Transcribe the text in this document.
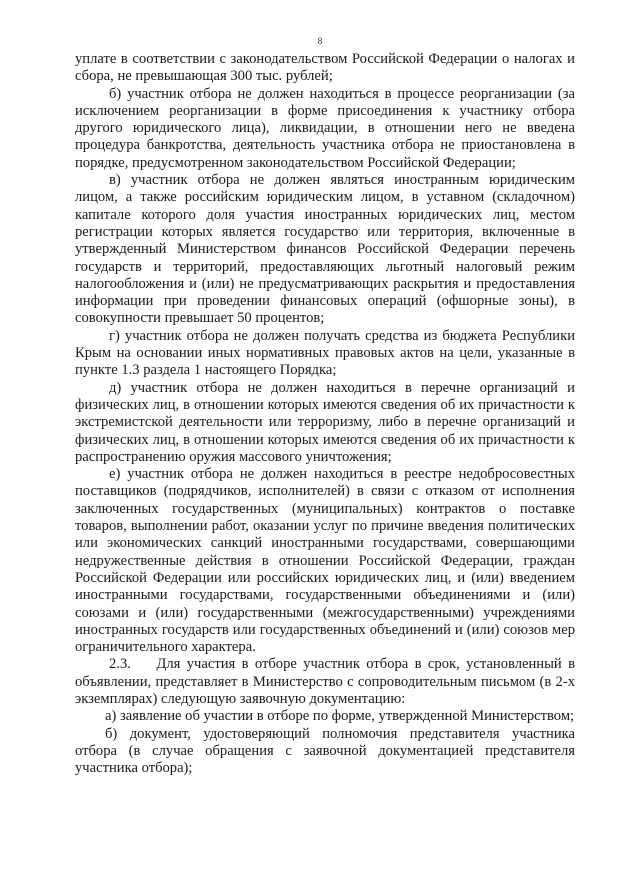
8

уплате в соответствии с законодательством Российской Федерации о налогах и сбора, не превышающая 300 тыс. рублей;

б) участник отбора не должен находиться в процессе реорганизации (за исключением реорганизации в форме присоединения к участнику отбора другого юридического лица), ликвидации, в отношении него не введена процедура банкротства, деятельность участника отбора не приостановлена в порядке, предусмотренном законодательством Российской Федерации;

в) участник отбора не должен являться иностранным юридическим лицом, а также российским юридическим лицом, в уставном (складочном) капитале которого доля участия иностранных юридических лиц, местом регистрации которых является государство или территория, включенные в утвержденный Министерством финансов Российской Федерации перечень государств и территорий, предоставляющих льготный налоговый режим налогообложения и (или) не предусматривающих раскрытия и предоставления информации при проведении финансовых операций (офшорные зоны), в совокупности превышает 50 процентов;

г) участник отбора не должен получать средства из бюджета Республики Крым на основании иных нормативных правовых актов на цели, указанные в пункте 1.3 раздела 1 настоящего Порядка;

д) участник отбора не должен находиться в перечне организаций и физических лиц, в отношении которых имеются сведения об их причастности к экстремистской деятельности или терроризму, либо в перечне организаций и физических лиц, в отношении которых имеются сведения об их причастности к распространению оружия массового уничтожения;

е) участник отбора не должен находиться в реестре недобросовестных поставщиков (подрядчиков, исполнителей) в связи с отказом от исполнения заключенных государственных (муниципальных) контрактов о поставке товаров, выполнении работ, оказании услуг по причине введения политических или экономических санкций иностранными государствами, совершающими недружественные действия в отношении Российской Федерации, граждан Российской Федерации или российских юридических лиц, и (или) введением иностранными государствами, государственными объединениями и (или) союзами и (или) государственными (межгосударственными) учреждениями иностранных государств или государственных объединений и (или) союзов мер ограничительного характера.

2.3.    Для участия в отборе участник отбора в срок, установленный в объявлении, представляет в Министерство с сопроводительным письмом (в 2-х экземплярах) следующую заявочную документацию:

а) заявление об участии в отборе по форме, утвержденной Министерством;

б) документ, удостоверяющий полномочия представителя участника отбора (в случае обращения с заявочной документацией представителя участника отбора);
